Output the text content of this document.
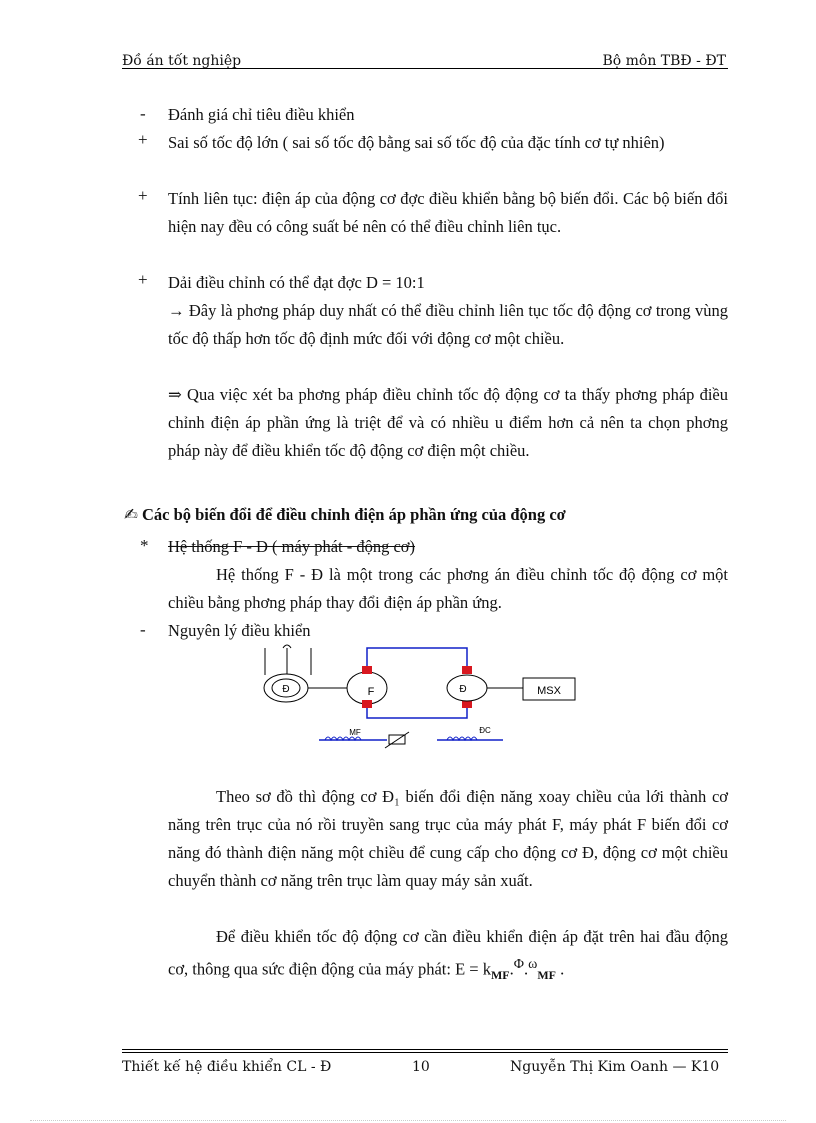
Đồ án tốt nghiệp	Bộ môn TBĐ - ĐT
- Đánh giá chỉ tiêu điều khiển
+ Sai số tốc độ lớn ( sai số tốc độ bằng sai số tốc độ của đặc tính cơ tự nhiên)
+ Tính liên tục: điện áp của động cơ đợc điều khiển bằng bộ biến đổi. Các bộ biến đổi hiện nay đều có công suất bé nên có thể điều chỉnh liên tục.
+ Dải điều chỉnh có thể đạt đợc D = 10:1
→ Đây là phơng pháp duy nhất có thể điều chỉnh liên tục tốc độ động cơ trong vùng tốc độ thấp hơn tốc độ định mức đối với động cơ một chiều.
⇒ Qua việc xét ba phơng pháp điều chỉnh tốc độ động cơ ta thấy phơng pháp điều chỉnh điện áp phần ứng là triệt để và có nhiều u điểm hơn cả nên ta chọn phơng pháp này để điều khiển tốc độ động cơ điện một chiều.
✍ Các bộ biến đổi để điều chỉnh điện áp phần ứng của động cơ
* Hệ thống F - Đ ( máy phát - động cơ)
Hệ thống F - Đ là một trong các phơng án điều chỉnh tốc độ động cơ một chiều bằng phơng pháp thay đổi điện áp phần ứng.
- Nguyên lý điều khiển
Đ	F	Đ	MSX
MF	ĐC
Theo sơ đồ thì động cơ Đ₁ biến đổi điện năng xoay chiều của lới thành cơ năng trên trục của nó rồi truyền sang trục của máy phát F, máy phát F biến đổi cơ năng đó thành điện năng một chiều để cung cấp cho động cơ Đ, động cơ một chiều chuyển thành cơ năng trên trục làm quay máy sản xuất.
Để điều khiển tốc độ động cơ cần điều khiển điện áp đặt trên hai đầu động cơ, thông qua sức điện động của máy phát: $E = k_{MF}.^\Phi.^\omega_{MF}$ .
Thiết kế hệ điều khiển CL - Đ	10	Nguyễn Thị Kim Oanh — K10
